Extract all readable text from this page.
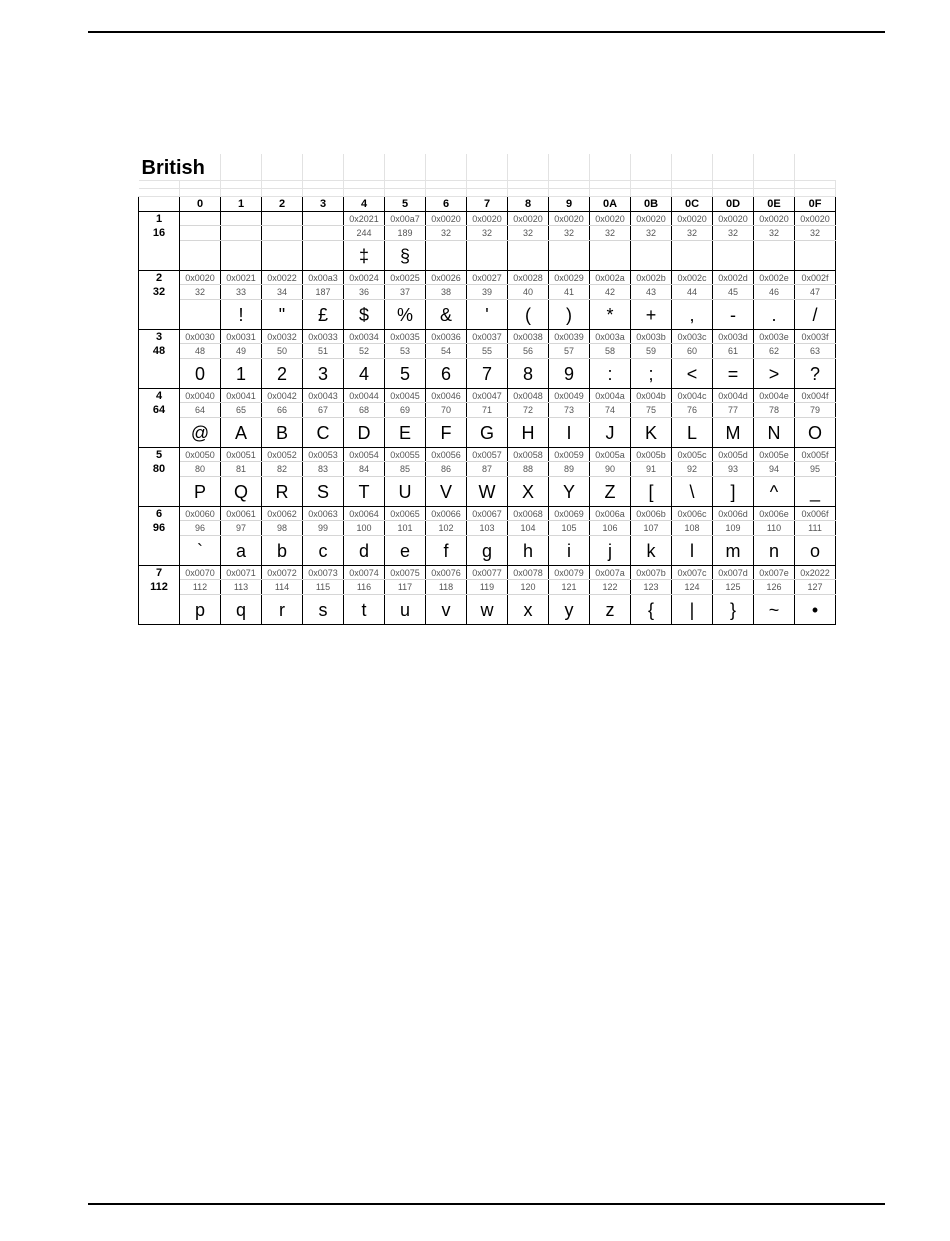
British																

	0	1	2	3	4	5	6	7	8	9	0A	0B	0C	0D	0E	0F
1					0x2021	0x00a7	0x0020	0x0020	0x0020	0x0020	0x0020	0x0020	0x0020	0x0020	0x0020	0x0020
16					244	189	32	32	32	32	32	32	32	32	32	32
					‡	§										
2	0x0020	0x0021	0x0022	0x00a3	0x0024	0x0025	0x0026	0x0027	0x0028	0x0029	0x002a	0x002b	0x002c	0x002d	0x002e	0x002f
32	32	33	34	187	36	37	38	39	40	41	42	43	44	45	46	47
		!	"	£	$	%	&	'	(	)	*	+	,	-	.	/
3	0x0030	0x0031	0x0032	0x0033	0x0034	0x0035	0x0036	0x0037	0x0038	0x0039	0x003a	0x003b	0x003c	0x003d	0x003e	0x003f
48	48	49	50	51	52	53	54	55	56	57	58	59	60	61	62	63
	0	1	2	3	4	5	6	7	8	9	:	;	<	=	>	?
4	0x0040	0x0041	0x0042	0x0043	0x0044	0x0045	0x0046	0x0047	0x0048	0x0049	0x004a	0x004b	0x004c	0x004d	0x004e	0x004f
64	64	65	66	67	68	69	70	71	72	73	74	75	76	77	78	79
	@	A	B	C	D	E	F	G	H	I	J	K	L	M	N	O
5	0x0050	0x0051	0x0052	0x0053	0x0054	0x0055	0x0056	0x0057	0x0058	0x0059	0x005a	0x005b	0x005c	0x005d	0x005e	0x005f
80	80	81	82	83	84	85	86	87	88	89	90	91	92	93	94	95
	P	Q	R	S	T	U	V	W	X	Y	Z	[	\	]	^	_
6	0x0060	0x0061	0x0062	0x0063	0x0064	0x0065	0x0066	0x0067	0x0068	0x0069	0x006a	0x006b	0x006c	0x006d	0x006e	0x006f
96	96	97	98	99	100	101	102	103	104	105	106	107	108	109	110	111
	`	a	b	c	d	e	f	g	h	i	j	k	l	m	n	o
7	0x0070	0x0071	0x0072	0x0073	0x0074	0x0075	0x0076	0x0077	0x0078	0x0079	0x007a	0x007b	0x007c	0x007d	0x007e	0x2022
112	112	113	114	115	116	117	118	119	120	121	122	123	124	125	126	127
	p	q	r	s	t	u	v	w	x	y	z	{	|	}	~	•
